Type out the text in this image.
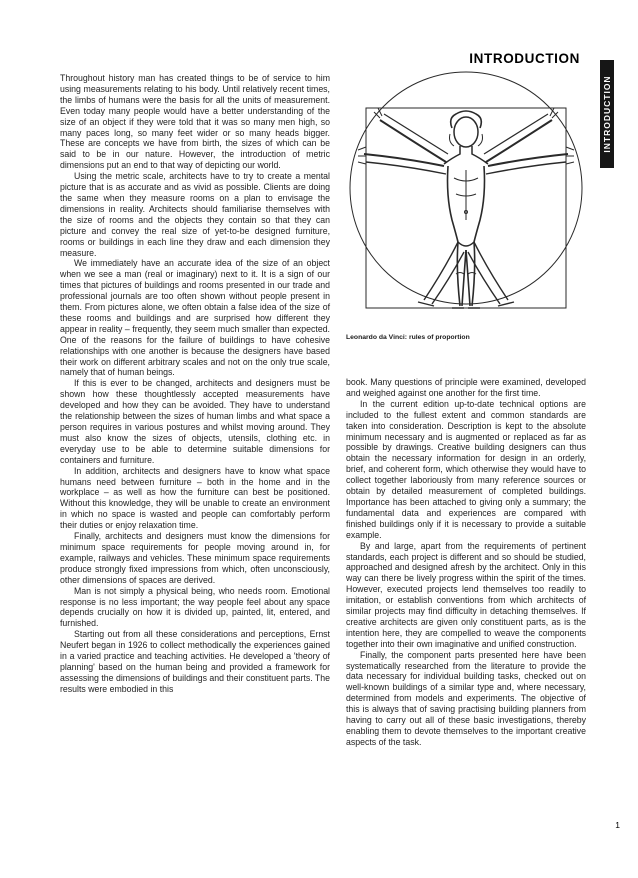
INTRODUCTION
INTRODUCTION

Throughout history man has created things to be of service to him using measurements relating to his body. Until relatively recent times, the limbs of humans were the basis for all the units of measurement. Even today many people would have a better understanding of the size of an object if they were told that it was so many men high, so many paces long, so many feet wider or so many heads bigger. These are concepts we have from birth, the sizes of which can be said to be in our nature. However, the introduction of metric dimensions put an end to that way of depicting our world.

Using the metric scale, architects have to try to create a mental picture that is as accurate and as vivid as possible. Clients are doing the same when they measure rooms on a plan to envisage the dimensions in reality. Architects should familiarise themselves with the size of rooms and the objects they contain so that they can picture and convey the real size of yet-to-be designed furniture, rooms or buildings in each line they draw and each dimension they measure.

We immediately have an accurate idea of the size of an object when we see a man (real or imaginary) next to it. It is a sign of our times that pictures of buildings and rooms presented in our trade and professional journals are too often shown without people present in them. From pictures alone, we often obtain a false idea of the size of these rooms and buildings and are surprised how different they appear in reality – frequently, they seem much smaller than expected. One of the reasons for the failure of buildings to have cohesive relationships with one another is because the designers have based their work on different arbitrary scales and not on the only true scale, namely that of human beings.

If this is ever to be changed, architects and designers must be shown how these thoughtlessly accepted measurements have developed and how they can be avoided. They have to understand the relationship between the sizes of human limbs and what space a person requires in various postures and whilst moving around. They must also know the sizes of objects, utensils, clothing etc. in everyday use to be able to determine suitable dimensions for containers and furniture.

In addition, architects and designers have to know what space humans need between furniture – both in the home and in the workplace – as well as how the furniture can best be positioned. Without this knowledge, they will be unable to create an environment in which no space is wasted and people can comfortably perform their duties or enjoy relaxation time.

Finally, architects and designers must know the dimensions for minimum space requirements for people moving around in, for example, railways and vehicles. These minimum space requirements produce strongly fixed impressions from which, often unconsciously, other dimensions of spaces are derived.

Man is not simply a physical being, who needs room. Emotional response is no less important; the way people feel about any space depends crucially on how it is divided up, painted, lit, entered, and furnished.

Starting out from all these considerations and perceptions, Ernst Neufert began in 1926 to collect methodically the experiences gained in a varied practice and teaching activities. He developed a 'theory of planning' based on the human being and provided a framework for assessing the dimensions of buildings and their constituent parts. The results were embodied in this

Leonardo da Vinci: rules of proportion

book. Many questions of principle were examined, developed and weighed against one another for the first time.

In the current edition up-to-date technical options are included to the fullest extent and common standards are taken into consideration. Description is kept to the absolute minimum necessary and is augmented or replaced as far as possible by drawings. Creative building designers can thus obtain the necessary information for design in an orderly, brief, and coherent form, which otherwise they would have to collect together laboriously from many reference sources or obtain by detailed measurement of completed buildings. Importance has been attached to giving only a summary; the fundamental data and experiences are compared with finished buildings only if it is necessary to provide a suitable example.

By and large, apart from the requirements of pertinent standards, each project is different and so should be studied, approached and designed afresh by the architect. Only in this way can there be lively progress within the spirit of the times. However, executed projects lend themselves too readily to imitation, or establish conventions from which architects of similar projects may find difficulty in detaching themselves. If creative architects are given only constituent parts, as is the intention here, they are compelled to weave the components together into their own imaginative and unified construction.

Finally, the component parts presented here have been systematically researched from the literature to provide the data necessary for individual building tasks, checked out on well-known buildings of a similar type and, where necessary, determined from models and experiments. The objective of this is always that of saving practising building planners from having to carry out all of these basic investigations, thereby enabling them to devote themselves to the important creative aspects of the task.

1
